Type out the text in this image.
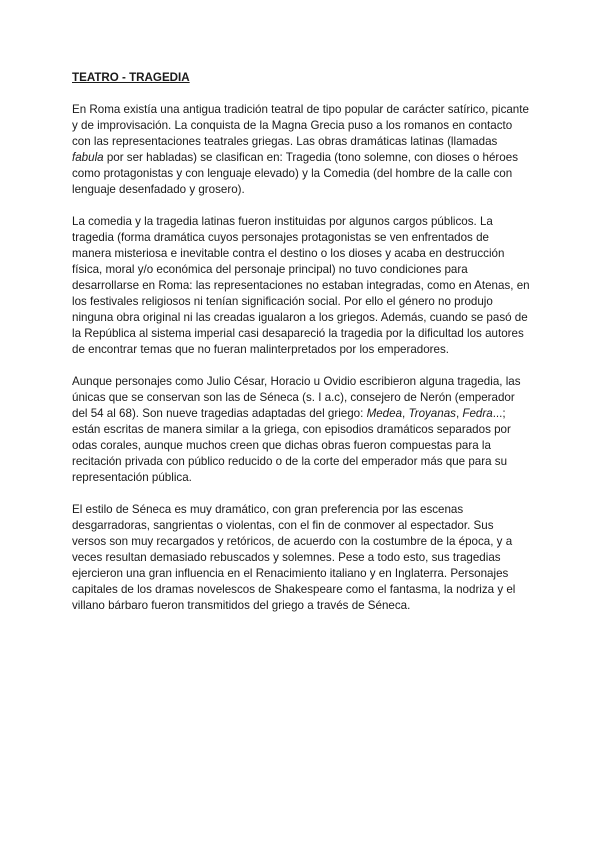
TEATRO - TRAGEDIA
En Roma existía una antigua tradición teatral de tipo popular de carácter satírico, picante y de improvisación. La conquista de la Magna Grecia puso a los romanos en contacto con las representaciones teatrales griegas. Las obras dramáticas latinas (llamadas fabula por ser habladas) se clasifican en: Tragedia (tono solemne, con dioses o héroes como protagonistas y con lenguaje elevado) y la Comedia (del hombre de la calle con lenguaje desenfadado y grosero).
La comedia y la tragedia latinas fueron instituidas por algunos cargos públicos. La tragedia (forma dramática cuyos personajes protagonistas se ven enfrentados de manera misteriosa e inevitable contra el destino o los dioses y acaba en destrucción física, moral y/o económica del personaje principal) no tuvo condiciones para desarrollarse en Roma: las representaciones no estaban integradas, como en Atenas, en los festivales religiosos ni tenían significación social. Por ello el género no produjo ninguna obra original ni las creadas igualaron a los griegos. Además, cuando se pasó de la República al sistema imperial casi desapareció la tragedia por la dificultad los autores de encontrar temas que no fueran malinterpretados por los emperadores.
Aunque personajes como Julio César, Horacio u Ovidio escribieron alguna tragedia, las únicas que se conservan son las de Séneca (s. I a.c), consejero de Nerón (emperador del 54 al 68). Son nueve tragedias adaptadas del griego: Medea, Troyanas, Fedra...; están escritas de manera similar a la griega, con episodios dramáticos separados por odas corales, aunque muchos creen que dichas obras fueron compuestas para la recitación privada con público reducido o de la corte del emperador más que para su representación pública.
El estilo de Séneca es muy dramático, con gran preferencia por las escenas desgarradoras, sangrientas o violentas, con el fin de conmover al espectador. Sus versos son muy recargados y retóricos, de acuerdo con la costumbre de la época, y a veces resultan demasiado rebuscados y solemnes. Pese a todo esto, sus tragedias ejercieron una gran influencia en el Renacimiento italiano y en Inglaterra. Personajes capitales de los dramas novelescos de Shakespeare como el fantasma, la nodriza y el villano bárbaro fueron transmitidos del griego a través de Séneca.
